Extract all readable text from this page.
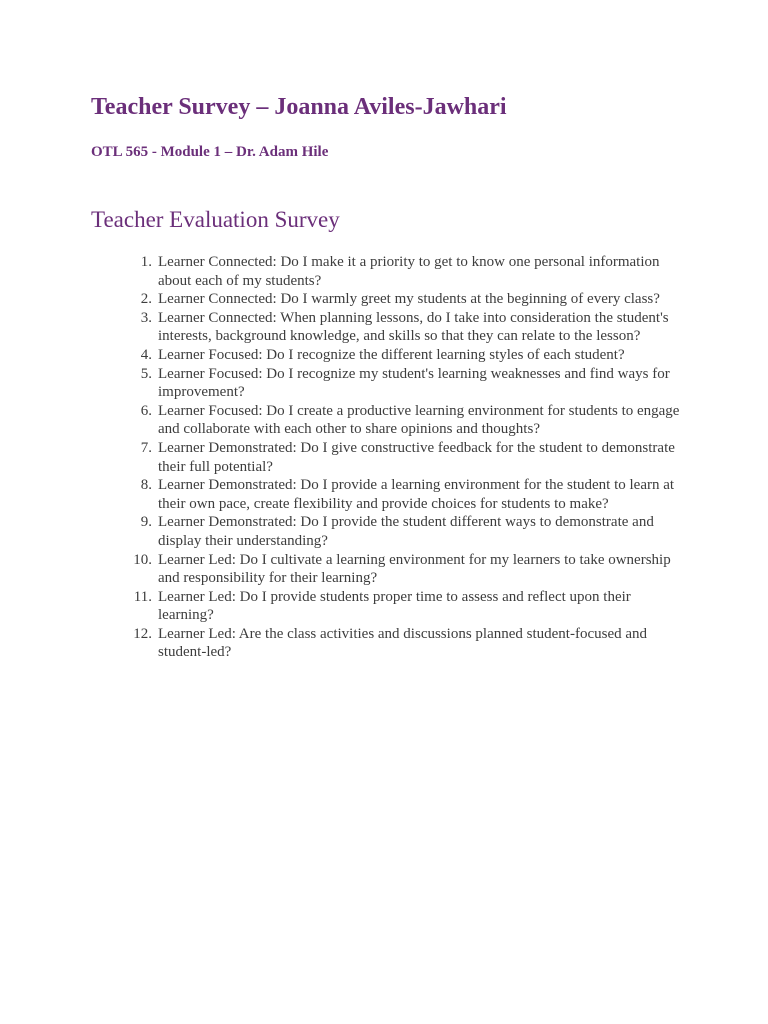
Teacher Survey – Joanna Aviles-Jawhari

OTL 565 - Module 1 – Dr. Adam Hile

Teacher Evaluation Survey
1. Learner Connected: Do I make it a priority to get to know one personal information about each of my students?
2. Learner Connected: Do I warmly greet my students at the beginning of every class?
3. Learner Connected: When planning lessons, do I take into consideration the student's interests, background knowledge, and skills so that they can relate to the lesson?
4. Learner Focused: Do I recognize the different learning styles of each student?
5. Learner Focused: Do I recognize my student's learning weaknesses and find ways for improvement?
6. Learner Focused: Do I create a productive learning environment for students to engage and collaborate with each other to share opinions and thoughts?
7. Learner Demonstrated: Do I give constructive feedback for the student to demonstrate their full potential?
8. Learner Demonstrated: Do I provide a learning environment for the student to learn at their own pace, create flexibility and provide choices for students to make?
9. Learner Demonstrated: Do I provide the student different ways to demonstrate and display their understanding?
10. Learner Led: Do I cultivate a learning environment for my learners to take ownership and responsibility for their learning?
11. Learner Led: Do I provide students proper time to assess and reflect upon their learning?
12. Learner Led: Are the class activities and discussions planned student-focused and student-led?
